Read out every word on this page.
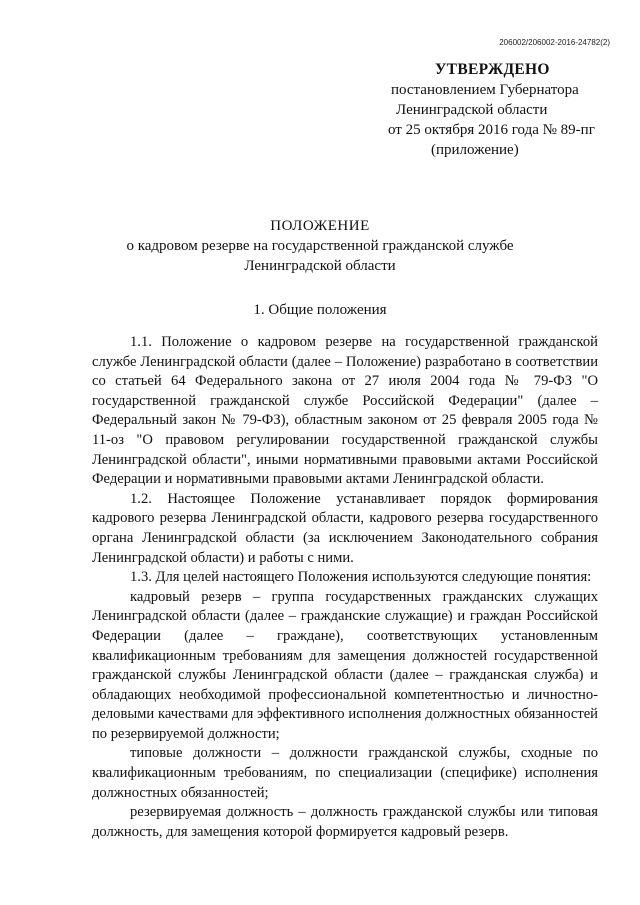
206002/206002-2016-24782(2)
УТВЕРЖДЕНО
постановлением Губернатора
Ленинградской области
от 25 октября 2016 года № 89-пг
(приложение)
ПОЛОЖЕНИЕ
о кадровом резерве на государственной гражданской службе
Ленинградской области
1. Общие положения

1.1. Положение о кадровом резерве на государственной гражданской службе Ленинградской области (далее – Положение) разработано в соответствии со статьей 64 Федерального закона от 27 июля 2004 года № 79-ФЗ "О государственной гражданской службе Российской Федерации" (далее – Федеральный закон № 79-ФЗ), областным законом от 25 февраля 2005 года № 11-оз "О правовом регулировании государственной гражданской службы Ленинградской области", иными нормативными правовыми актами Российской Федерации и нормативными правовыми актами Ленинградской области.

1.2. Настоящее Положение устанавливает порядок формирования кадрового резерва Ленинградской области, кадрового резерва государственного органа Ленинградской области (за исключением Законодательного собрания Ленинградской области) и работы с ними.

1.3. Для целей настоящего Положения используются следующие понятия:

кадровый резерв – группа государственных гражданских служащих Ленинградской области (далее – гражданские служащие) и граждан Российской Федерации (далее – граждане), соответствующих установленным квалификационным требованиям для замещения должностей государственной гражданской службы Ленинградской области (далее – гражданская служба) и обладающих необходимой профессиональной компетентностью и личностно-деловыми качествами для эффективного исполнения должностных обязанностей по резервируемой должности;

типовые должности – должности гражданской службы, сходные по квалификационным требованиям, по специализации (специфике) исполнения должностных обязанностей;

резервируемая должность – должность гражданской службы или типовая должность, для замещения которой формируется кадровый резерв.
